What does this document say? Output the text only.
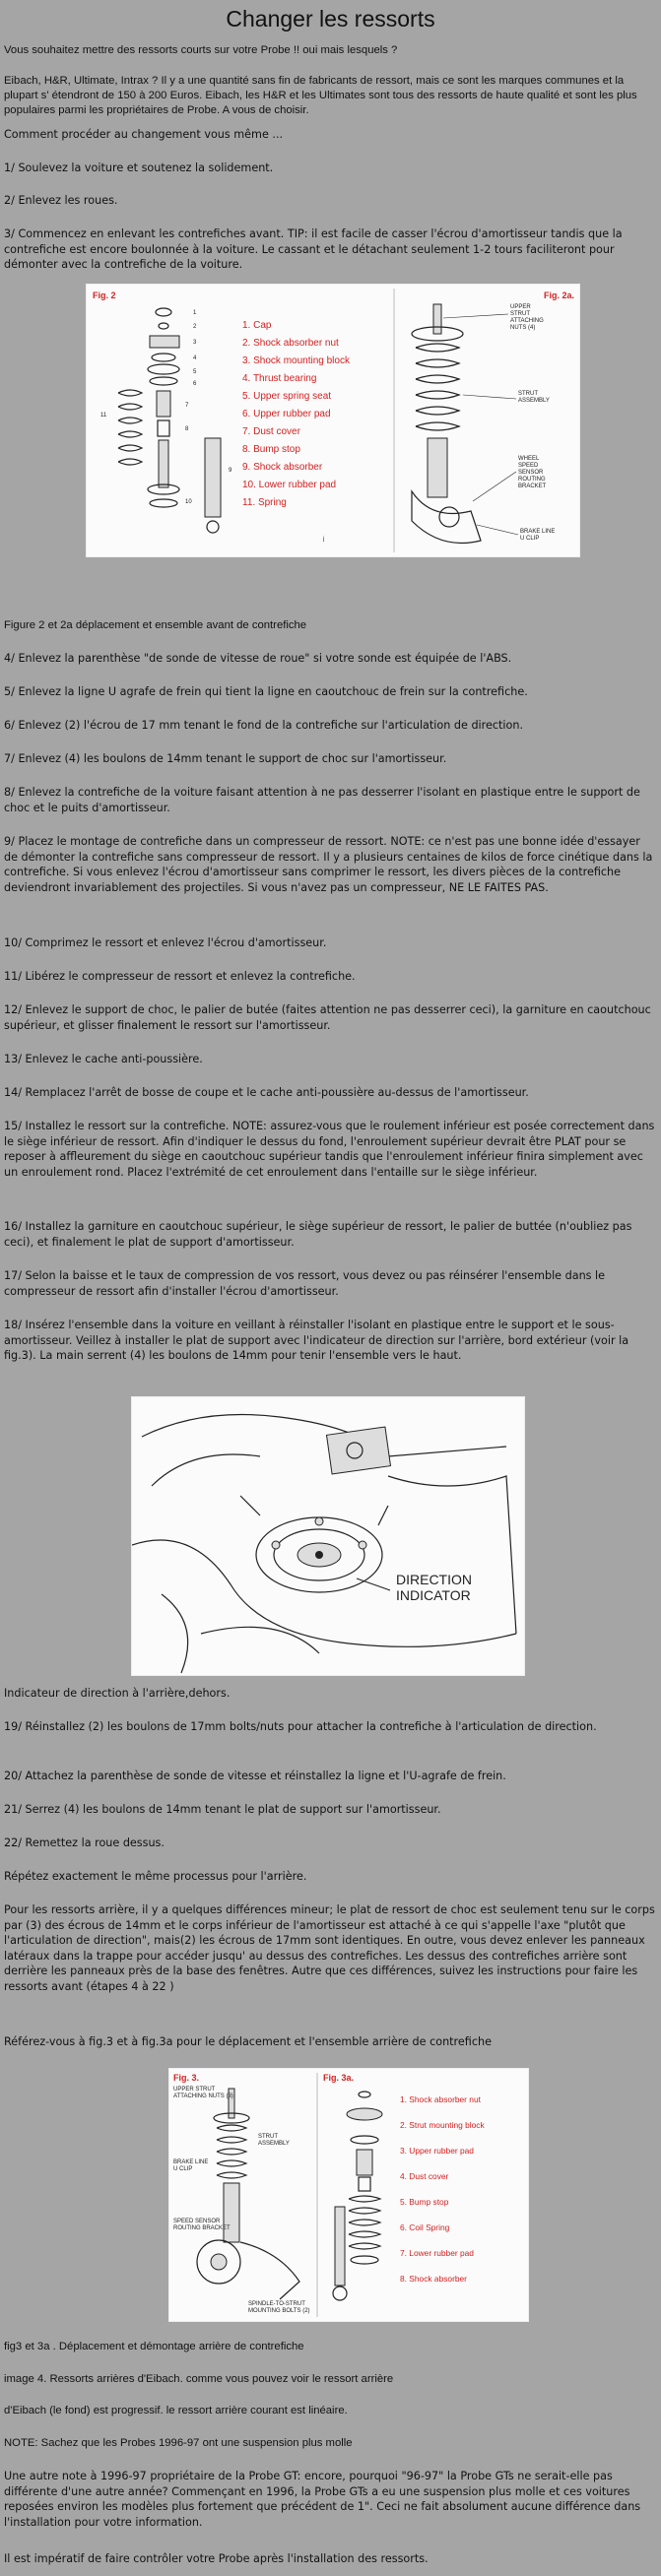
Changer les ressorts

Vous souhaitez mettre des ressorts courts sur votre Probe !! oui mais lesquels ?

Eibach, H&R, Ultimate, Intrax ? Il y a une quantité sans fin de fabricants de ressort, mais ce sont les marques communes et la plupart s' étendront de 150 à 200 Euros. Eibach, les H&R et les Ultimates sont tous des ressorts de haute qualité et sont les plus populaires parmi les propriétaires de Probe. A vous de choisir.

Comment procéder au changement vous même ...

1/ Soulevez la voiture et soutenez la solidement.

2/ Enlevez les roues.

3/ Commencez en enlevant les contrefiches avant. TIP: il est facile de casser l'écrou d'amortisseur tandis que la contrefiche est encore boulonnée à la voiture. Le cassant et le détachant seulement 1-2 tours faciliteront pour démonter avec la contrefiche de la voiture.

Fig. 2
1
2
3
4
5
6
7
8
9
10
11
1. Cap
2. Shock absorber nut
3. Shock mounting block
4. Thrust bearing
5. Upper spring seat
6. Upper rubber pad
7. Dust cover
8. Bump stop
9. Shock absorber
10. Lower rubber pad
11. Spring
ʲ
Fig. 2a.
UPPER
STRUT
ATTACHING
NUTS (4)
STRUT
ASSEMBLY
WHEEL
SPEED
SENSOR
ROUTING
BRACKET
BRAKE LINE
U CLIP

Figure 2 et 2a déplacement et ensemble avant de contrefiche

4/ Enlevez la parenthèse "de sonde de vitesse de roue" si votre sonde est équipée de l'ABS.

5/ Enlevez la ligne U agrafe de frein qui tient la ligne en caoutchouc de frein sur la contrefiche.

6/ Enlevez (2) l'écrou de 17 mm tenant le fond de la contrefiche sur l'articulation de direction.

7/ Enlevez (4) les boulons de 14mm tenant le support de choc sur l'amortisseur.

8/ Enlevez la contrefiche de la voiture faisant attention à ne pas desserrer l'isolant en plastique entre le support de choc et le puits d'amortisseur.

9/ Placez le montage de contrefiche dans un compresseur de ressort. NOTE: ce n'est pas une bonne idée d'essayer de démonter la contrefiche sans compresseur de ressort. Il y a plusieurs centaines de kilos de force cinétique dans la contrefiche. Si vous enlevez l'écrou d'amortisseur sans comprimer le ressort, les divers pièces de la contrefiche deviendront invariablement des projectiles. Si vous n'avez pas un compresseur, NE LE FAITES PAS.

10/ Comprimez le ressort et enlevez l'écrou d'amortisseur.

11/ Libérez le compresseur de ressort et enlevez la contrefiche.

12/ Enlevez le support de choc, le palier de butée (faites attention ne pas desserrer ceci), la garniture en caoutchouc supérieur, et glisser finalement le ressort sur l'amortisseur.

13/ Enlevez le cache anti-poussière.

14/ Remplacez l'arrêt de bosse de coupe et le cache anti-poussière au-dessus de l'amortisseur.

15/ Installez le ressort sur la contrefiche. NOTE: assurez-vous que le roulement inférieur est posée correctement dans le siège inférieur de ressort. Afin d'indiquer le dessus du fond, l'enroulement supérieur devrait être PLAT pour se reposer à affleurement du siège en caoutchouc supérieur tandis que l'enroulement inférieur finira simplement avec un enroulement rond. Placez l'extrémité de cet enroulement dans l'entaille sur le siège inférieur.

16/ Installez la garniture en caoutchouc supérieur, le siège supérieur de ressort, le palier de buttée (n'oubliez pas ceci), et finalement le plat de support d'amortisseur.

17/ Selon la baisse et le taux de compression de vos ressort, vous devez ou pas réinsérer l'ensemble dans le compresseur de ressort afin d'installer l'écrou d'amortisseur.

18/ Insérez l'ensemble dans la voiture en veillant à réinstaller l'isolant en plastique entre le support et le sous-amortisseur. Veillez à installer le plat de support avec l'indicateur de direction sur l'arrière, bord extérieur (voir la fig.3). La main serrent (4) les boulons de 14mm pour tenir l'ensemble vers le haut.

DIRECTION
INDICATOR

Indicateur de direction à l'arrière,dehors.

19/ Réinstallez (2) les boulons de 17mm bolts/nuts pour attacher la contrefiche à l'articulation de direction.

20/ Attachez la parenthèse de sonde de vitesse et réinstallez la ligne et l'U-agrafe de frein.

21/ Serrez (4) les boulons de 14mm tenant le plat de support sur l'amortisseur.

22/ Remettez la roue dessus.

Répétez exactement le même processus pour l'arrière.

Pour les ressorts arrière, il y a quelques différences mineur; le plat de ressort de choc est seulement tenu sur le corps par (3) des écrous de 14mm et le corps inférieur de l'amortisseur est attaché à ce qui s'appelle l'axe "plutôt que l'articulation de direction", mais(2) les écrous de 17mm sont identiques. En outre, vous devez enlever les panneaux latéraux dans la trappe pour accéder jusqu' au dessus des contrefiches. Les dessus des contrefiches arrière sont derrière les panneaux près de la base des fenêtres. Autre que ces différences, suivez les instructions pour faire les ressorts avant (étapes 4 à 22 )

Référez-vous à fig.3 et à fig.3a pour le déplacement et l'ensemble arrière de contrefiche

Fig. 3.
UPPER STRUT
ATTACHING NUTS (3)
STRUT
ASSEMBLY
BRAKE LINE
U CLIP
SPEED SENSOR
ROUTING BRACKET
SPINDLE-TO-STRUT
MOUNTING BOLTS (2)
Fig. 3a.
1. Shock absorber nut
2. Strut mounting block
3. Upper rubber pad
4. Dust cover
5. Bump stop
6. Coil Spring
7. Lower rubber pad
8. Shock absorber

fig3 et 3a . Déplacement et démontage arrière de contrefiche

image 4. Ressorts arrières d'Eibach. comme vous pouvez voir le ressort arrière

d'Eibach (le fond) est progressif. le ressort arrière courant est linéaire.

NOTE: Sachez que les Probes 1996-97 ont une suspension plus molle

Une autre note à 1996-97 propriétaire de la Probe GT: encore, pourquoi "96-97" la Probe GTs ne serait-elle pas différente d'une autre année? Commençant en 1996, la Probe GTs a eu une suspension plus molle et ces voitures reposées environ les modèles plus fortement que précédent de 1". Ceci ne fait absolument aucune différence dans l'installation pour votre information.

Il est impératif de faire contrôler votre Probe après l'installation des ressorts.
